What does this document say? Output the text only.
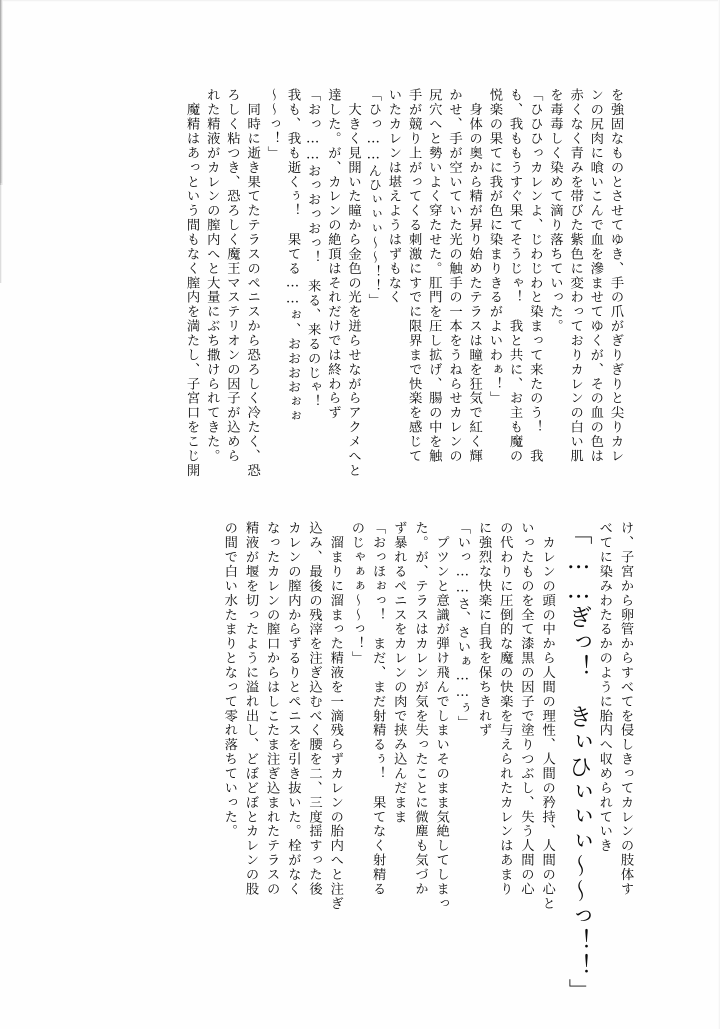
を強固なものとさせてゆき、手の爪がぎりぎりと尖りカレ
ンの尻肉に喰いこんで血を滲ませてゆくが、その血の色は
赤くなく青みを帯びた紫色に変わっておりカレンの白い肌
を毒毒しく染めて滴り落ちていった。
「ひひひっカレンよ、じわじわと染まって来たのう！　我
も、我ももうすぐ果てそうじゃ！　我と共に、お主も魔の
悦楽の果てに我が色に染まりきるがよいわぁ！」
　身体の奥から精が昇り始めたテラスは瞳を狂気で紅く輝
かせ、手が空いていた光の触手の一本をうねらせカレンの
尻穴へと勢いよく穿たせた。肛門を圧し拡げ、腸の中を触
手が競り上がってくる刺激にすでに限界まで快楽を感じて
いたカレンは堪えようはずもなく
「ひっ……んひぃぃぃ～～！！」
　大きく見開いた瞳から金色の光を迸らせながらアクメへと
達した。が、カレンの絶頂はそれだけでは終わらず
「おっ……おっおっおっ！　来る、来るのじゃ！
我も、我も逝くぅ！　果てる……ぉ、おおおおぉぉ
～～っ！」
　同時に逝き果てたテラスのペニスから恐ろしく冷たく、恐
ろしく粘つき、恐ろしく魔王マステリオンの因子が込めら
れた精液がカレンの膣内へと大量にぶち撒けられてきた。
　魔精はあっという間もなく膣内を満たし、子宮口をこじ開
け、子宮から卵管からすべてを侵しきってカレンの肢体す
べてに染みわたるかのように胎内へ収められていき
「……ぎっ！　きぃひぃぃぃ～～っ！！」
　カレンの頭の中から人間の理性、人間の矜持、人間の心と
いったものを全て漆黒の因子で塗りつぶし、失う人間の心
の代わりに圧倒的な魔の快楽を与えられたカレンはあまり
に強烈な快楽に自我を保ちきれず
「いっ……さ、さいぁ……ぅ」
　プツンと意識が弾け飛んでしまいそのまま気絶してしまっ
た。が、テラスはカレンが気を失ったことに微塵も気づか
ず暴れるペニスをカレンの肉で挟み込んだまま
「おっほぉっ！　まだ、まだ射精るぅ！　果てなく射精る
のじゃぁぁ～～っ！」
　溜まりに溜まった精液を一滴残らずカレンの胎内へと注ぎ
込み、最後の残滓を注ぎ込むべく腰を二、三度揺すった後
カレンの膣内からずるりとペニスを引き抜いた。栓がなく
なったカレンの膣口からはしこたま注ぎ込まれたテラスの
精液が堰を切ったように溢れ出し、どぼどぼとカレンの股
の間で白い水たまりとなって零れ落ちていった。
